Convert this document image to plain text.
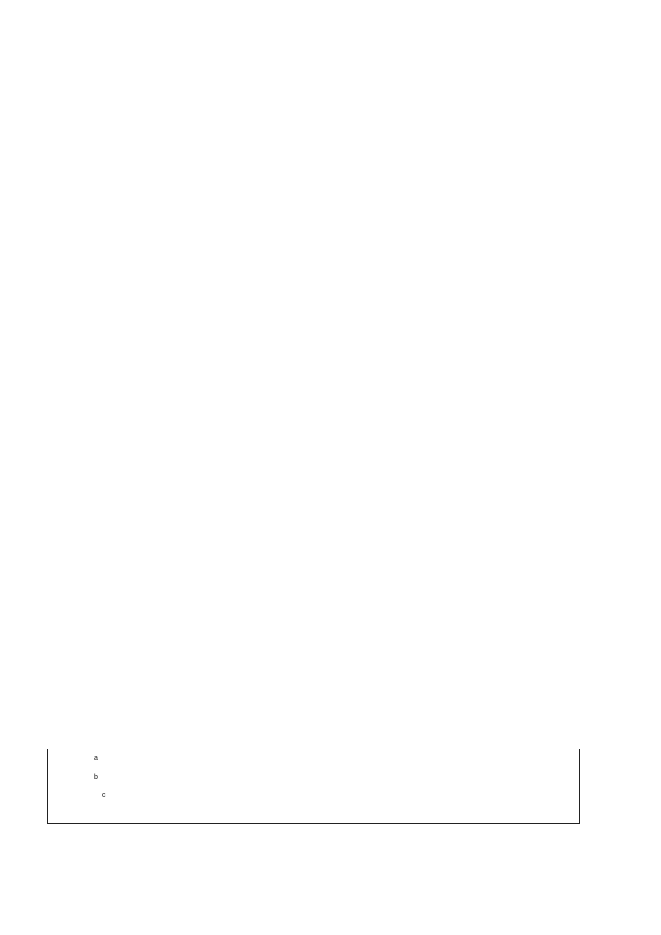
$^a$

$^b$

$^c$
